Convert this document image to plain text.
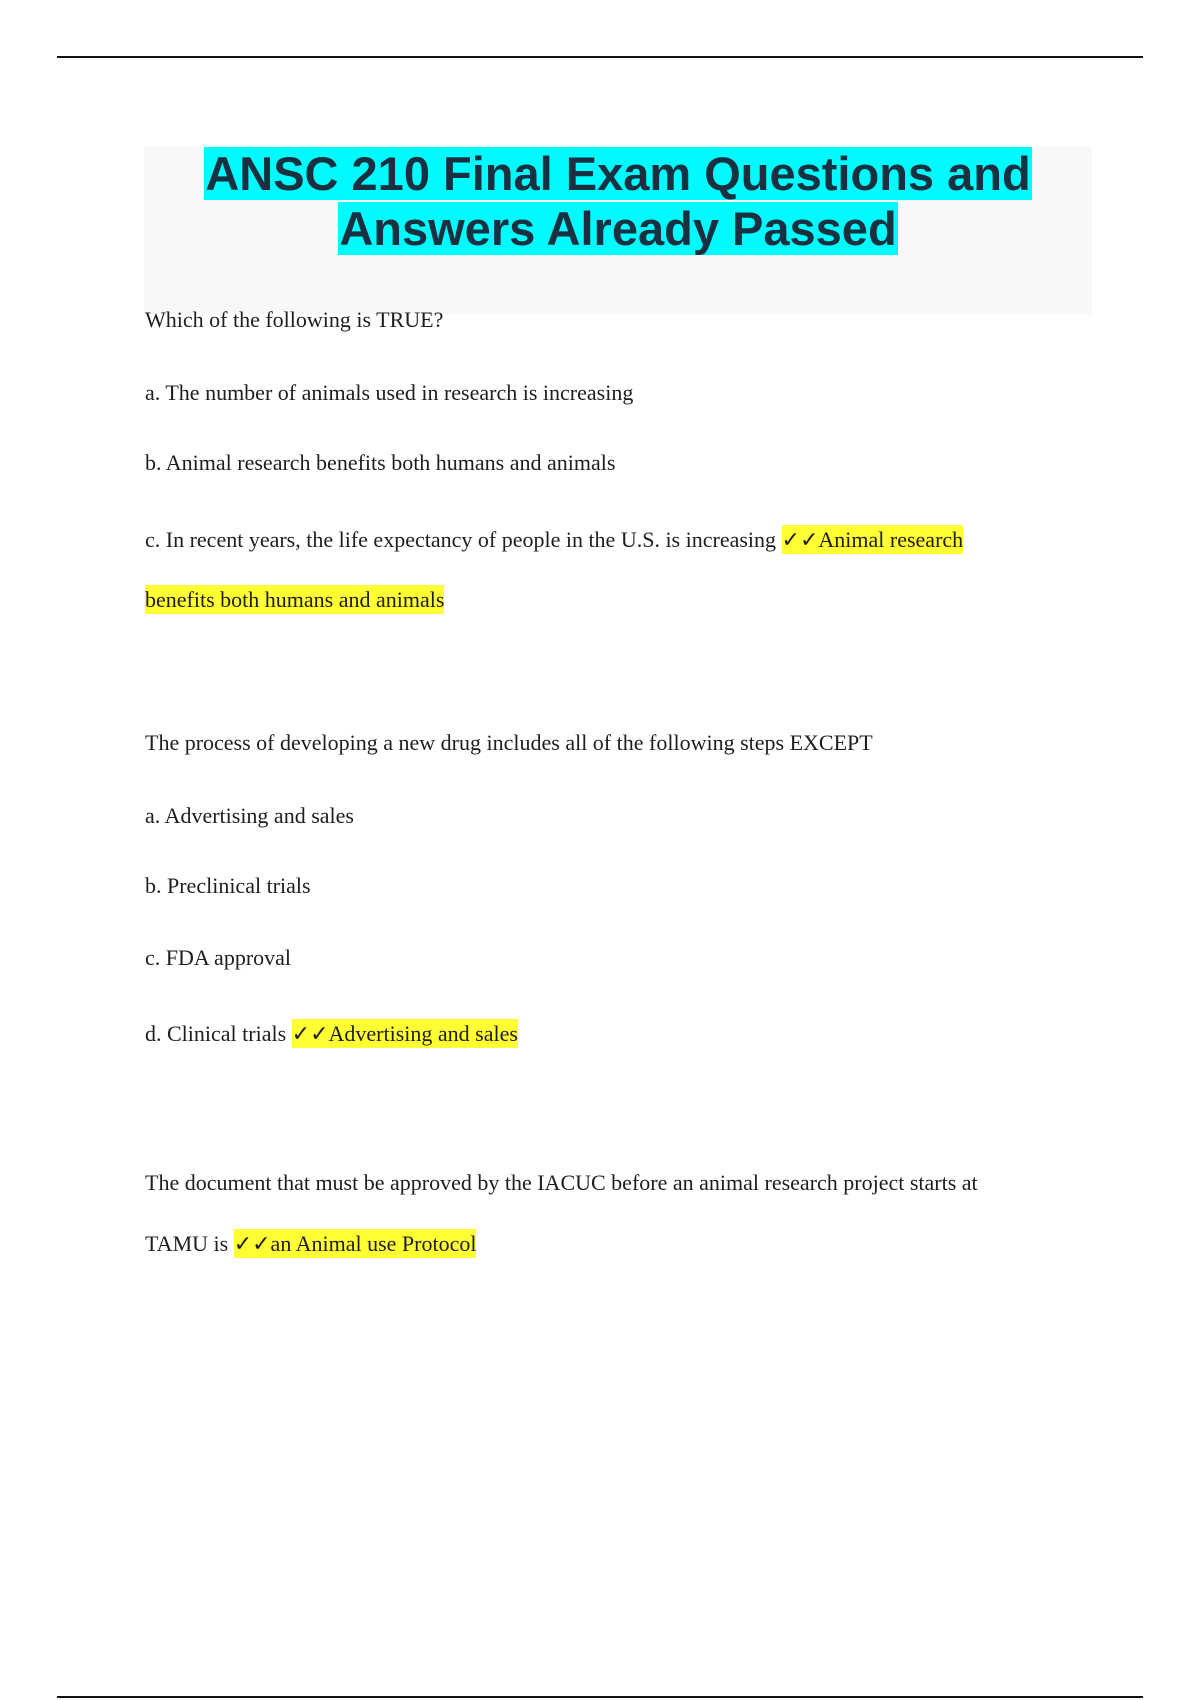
ANSC 210 Final Exam Questions and
Answers Already Passed
Which of the following is TRUE?
a. The number of animals used in research is increasing
b. Animal research benefits both humans and animals
c. In recent years, the life expectancy of people in the U.S. is increasing ✓✓Animal research
benefits both humans and animals
The process of developing a new drug includes all of the following steps EXCEPT
a. Advertising and sales
b. Preclinical trials
c. FDA approval
d. Clinical trials ✓✓Advertising and sales
The document that must be approved by the IACUC before an animal research project starts at
TAMU is ✓✓an Animal use Protocol
